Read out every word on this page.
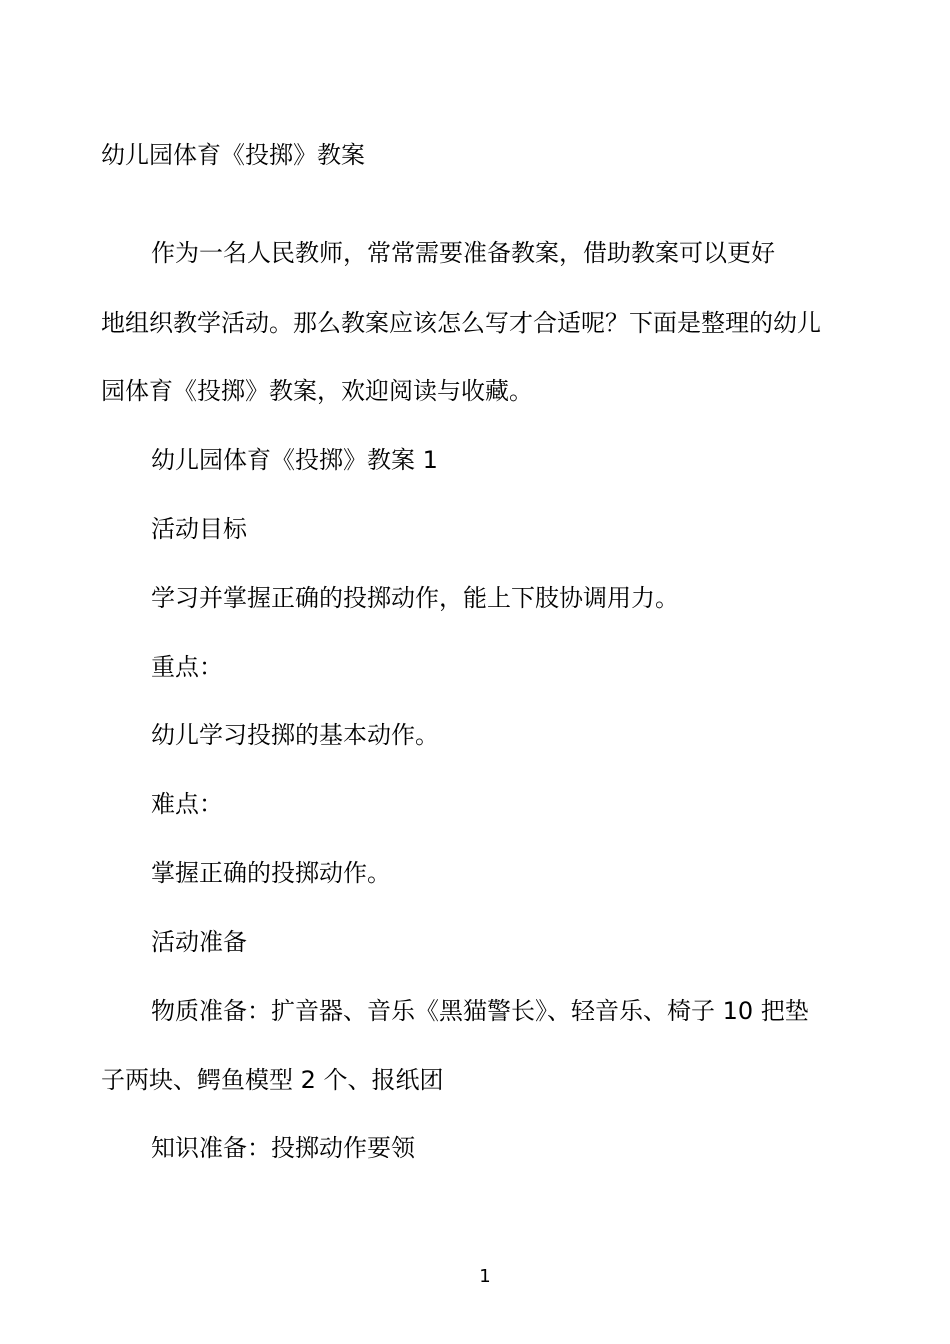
幼儿园体育《投掷》教案
作为一名人民教师，常常需要准备教案，借助教案可以更好
地组织教学活动。那么教案应该怎么写才合适呢？下面是整理的幼儿
园体育《投掷》教案，欢迎阅读与收藏。
幼儿园体育《投掷》教案 1
活动目标
学习并掌握正确的投掷动作，能上下肢协调用力。
重点：
幼儿学习投掷的基本动作。
难点：
掌握正确的投掷动作。
活动准备
物质准备：扩音器、音乐《黑猫警长》、轻音乐、椅子 10 把垫
子两块、鳄鱼模型 2 个、报纸团
知识准备：投掷动作要领
1
